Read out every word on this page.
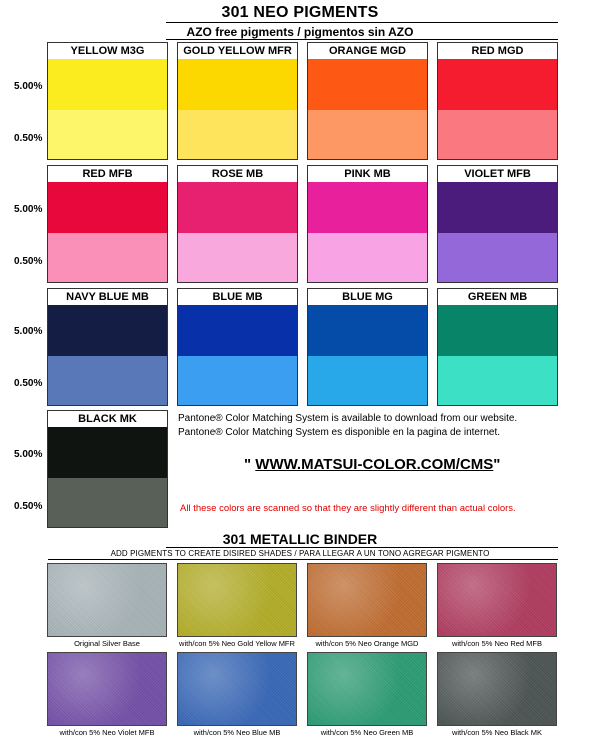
301 NEO PIGMENTS
AZO free pigments / pigmentos sin AZO
5.00%
0.50%
5.00%
0.50%
5.00%
0.50%
5.00%
0.50%
YELLOW M3G	GOLD YELLOW MFR	ORANGE MGD	RED MGD
RED MFB	ROSE MB	PINK MB	VIOLET MFB
NAVY BLUE MB	BLUE MB	BLUE MG	GREEN MB
BLACK MK	Pantone® Color Matching System is available to download from our website.
Pantone® Color Matching System es disponible en la pagina de internet.
" WWW.MATSUI-COLOR.COM/CMS"
All these colors are scanned so that they are slightly different than actual colors.
301 METALLIC BINDER
ADD PIGMENTS TO CREATE DISIRED SHADES / PARA LLEGAR A UN TONO AGREGAR PIGMENTO
Original Silver Base	with/con 5% Neo Gold Yellow MFR	with/con 5% Neo Orange MGD	with/con 5% Neo Red MFB
with/con 5% Neo Violet MFB	with/con 5% Neo Blue MB	with/con 5% Neo Green MB	with/con 5% Neo Black MK
